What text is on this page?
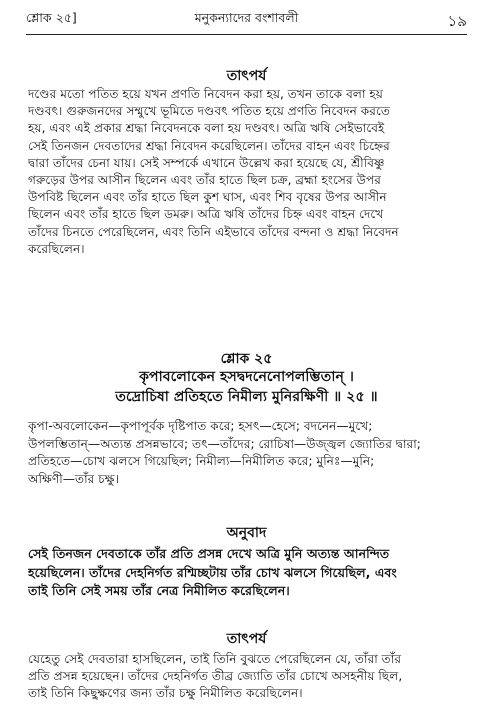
শ্লোক ২৫]	মনুকন্যাদের বংশাবলী	১৯
তাৎপর্য
দণ্ডের মতো পতিত হয়ে যখন প্রণতি নিবেদন করা হয়, তখন তাকে বলা হয়
দণ্ডবৎ। গুরুজনদের সম্মুখে ভূমিতে দণ্ডবৎ পতিত হয়ে প্রণতি নিবেদন করতে
হয়, এবং এই প্রকার শ্রদ্ধা নিবেদনকে বলা হয় দণ্ডবৎ। অত্রি ঋষি সেইভাবেই
সেই তিনজন দেবতাদের শ্রদ্ধা নিবেদন করেছিলেন। তাঁদের বাহন এবং চিহ্নের
দ্বারা তাঁদের চেনা যায়। সেই সম্পর্কে এখানে উল্লেখ করা হয়েছে যে, শ্রীবিষ্ণু
গরুড়ের উপর আসীন ছিলেন এবং তাঁর হাতে ছিল চক্র, ব্রহ্মা হংসের উপর
উপবিষ্ট ছিলেন এবং তাঁর হাতে ছিল কুশ ঘাস, এবং শিব বৃষের উপর আসীন
ছিলেন এবং তাঁর হাতে ছিল ডমরু। অত্রি ঋষি তাঁদের চিহ্ন এবং বাহন দেখে
তাঁদের চিনতে পেরেছিলেন, এবং তিনি এইভাবে তাঁদের বন্দনা ও শ্রদ্ধা নিবেদন
করেছিলেন।
শ্লোক ২৫
কৃপাবলোকেন হসদ্বদনেনোপলম্ভিতান্ ।
তদ্রোচিষা প্রতিহতে নিমীল্য মুনিরক্ষিণী ॥ ২৫ ॥
কৃপা-অবলোকেন—কৃপাপূর্বক দৃষ্টিপাত করে; হসৎ—হেসে; বদনেন—মুখে;
উপলম্ভিতান্—অত্যন্ত প্রসন্নভাবে; তৎ—তাঁদের; রোচিষা—উজ্জ্বল জ্যোতির দ্বারা;
প্রতিহতে—চোখ ঝলসে গিয়েছিল; নিমীল্য—নিমীলিত করে; মুনিঃ—মুনি;
অক্ষিণী—তাঁর চক্ষু।
অনুবাদ
সেই তিনজন দেবতাকে তাঁর প্রতি প্রসন্ন দেখে অত্রি মুনি অত্যন্ত আনন্দিত
হয়েছিলেন। তাঁদের দেহনির্গত রশ্মিচ্ছটায় তাঁর চোখ ঝলসে গিয়েছিল, এবং
তাই তিনি সেই সময় তাঁর নেত্র নিমীলিত করেছিলেন।
তাৎপর্য
যেহেতু সেই দেবতারা হাসছিলেন, তাই তিনি বুঝতে পেরেছিলেন যে, তাঁরা তাঁর
প্রতি প্রসন্ন হয়েছেন। তাঁদের দেহনির্গত তীব্র জ্যোতি তাঁর চোখে অসহনীয় ছিল,
তাই তিনি কিছুক্ষণের জন্য তাঁর চক্ষু নিমীলিত করেছিলেন।
